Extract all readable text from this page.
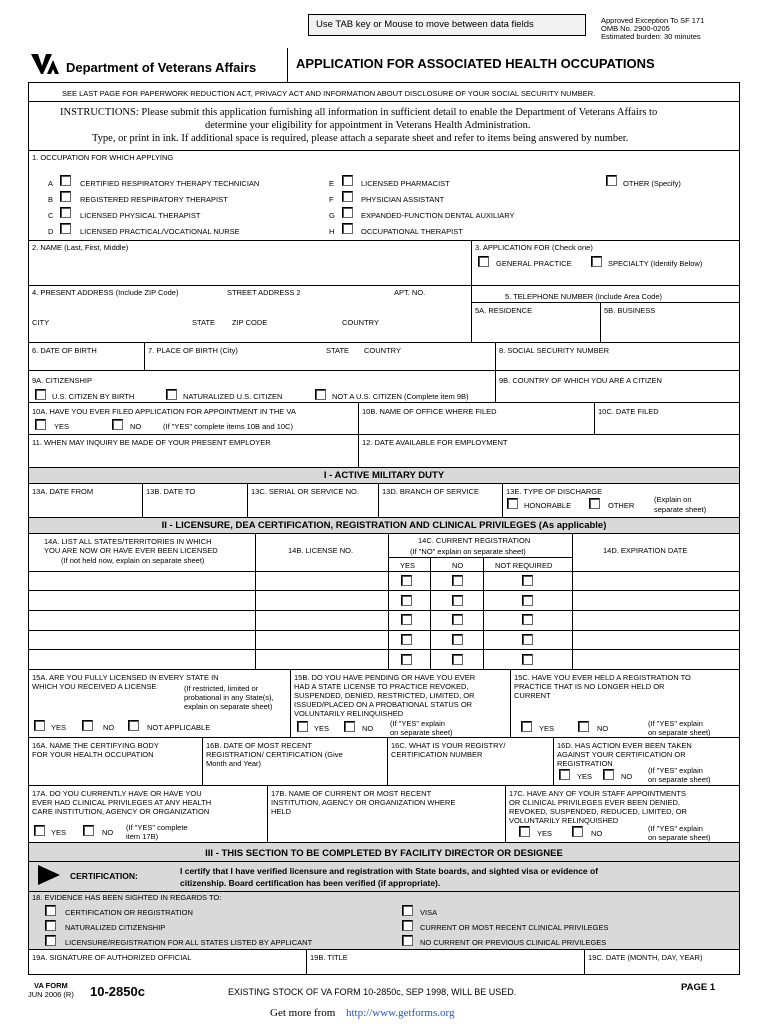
Use TAB key or Mouse to move between data fields	Approved Exception To SF 171
OMB No. 2900-0205
Estimated burden: 30 minutes
Department of Veterans Affairs	APPLICATION FOR ASSOCIATED HEALTH OCCUPATIONS
SEE LAST PAGE FOR PAPERWORK REDUCTION ACT, PRIVACY ACT AND INFORMATION ABOUT DISCLOSURE OF YOUR SOCIAL SECURITY NUMBER.
INSTRUCTIONS: Please submit this application furnishing all information in sufficient detail to enable the Department of Veterans Affairs to
determine your eligibility for appointment in Veterans Health Administration.
Type, or print in ink. If additional space is required, please attach a separate sheet and refer to items being answered by number.
1. OCCUPATION FOR WHICH APPLYING
A	CERTIFIED RESPIRATORY THERAPY TECHNICIAN
B	REGISTERED RESPIRATORY THERAPIST
C	LICENSED PHYSICAL THERAPIST
D	LICENSED PRACTICAL/VOCATIONAL NURSE
E	LICENSED PHARMACIST
F	PHYSICIAN ASSISTANT
G	EXPANDED-FUNCTION DENTAL AUXILIARY
H	OCCUPATIONAL THERAPIST
OTHER (Specify)
2. NAME (Last, First, Middle)	3. APPLICATION FOR (Check one)
GENERAL PRACTICE	SPECIALTY (Identify Below)
4. PRESENT ADDRESS (Include ZIP Code)	STREET ADDRESS 2	APT. NO.
CITY	STATE ZIP CODE	COUNTRY
5. TELEPHONE NUMBER (Include Area Code)
5A. RESIDENCE	5B. BUSINESS
6. DATE OF BIRTH	7. PLACE OF BIRTH (City)	STATE COUNTRY	8. SOCIAL SECURITY NUMBER
9A. CITIZENSHIP	9B. COUNTRY OF WHICH YOU ARE A CITIZEN
U.S. CITIZEN BY BIRTH	NATURALIZED U.S. CITIZEN	NOT A U.S. CITIZEN (Complete item 9B)
10A. HAVE YOU EVER FILED APPLICATION FOR APPOINTMENT IN THE VA
YES	NO	(If "YES" complete items 10B and 10C)
10B. NAME OF OFFICE WHERE FILED	10C. DATE FILED
11. WHEN MAY INQUIRY BE MADE OF YOUR PRESENT EMPLOYER	12. DATE AVAILABLE FOR EMPLOYMENT
I - ACTIVE MILITARY DUTY
13A. DATE FROM	13B. DATE TO	13C. SERIAL OR SERVICE NO.	13D. BRANCH OF SERVICE	13E. TYPE OF DISCHARGE
HONORABLE	OTHER
(Explain on
separate sheet)
II - LICENSURE, DEA CERTIFICATION, REGISTRATION AND CLINICAL PRIVILEGES (As applicable)
14A. LIST ALL STATES/TERRITORIES IN WHICH
YOU ARE NOW OR HAVE EVER BEEN LICENSED
(If not held now, explain on separate sheet)
14B. LICENSE NO.
14C. CURRENT REGISTRATION
(If "NO" explain on separate sheet)	14D. EXPIRATION DATE
YES	NO	NOT REQUIRED
15A. ARE YOU FULLY LICENSED IN EVERY STATE IN
WHICH YOU RECEIVED A LICENSE	(If restricted, limited or
probational in any State(s),
explain on separate sheet)
YES	NO	NOT APPLICABLE
15B. DO YOU HAVE PENDING OR HAVE YOU EVER
HAD A STATE LICENSE TO PRACTICE REVOKED,
SUSPENDED, DENIED, RESTRICTED, LIMITED, OR
ISSUED/PLACED ON A PROBATIONAL STATUS OR
VOLUNTARILY RELINQUISHED
YES	NO
(If "YES" explain
on separate sheet)
15C. HAVE YOU EVER HELD A REGISTRATION TO
PRACTICE THAT IS NO LONGER HELD OR
CURRENT
YES	NO
(If "YES" explain
on separate sheet)
16A. NAME THE CERTIFYING BODY
FOR YOUR HEALTH OCCUPATION
16B. DATE OF MOST RECENT
REGISTRATION/ CERTIFICATION (Give
Month and Year)
16C. WHAT IS YOUR REGISTRY/
CERTIFICATION NUMBER
16D. HAS ACTION EVER BEEN TAKEN
AGAINST YOUR CERTIFICATION OR
REGISTRATION
YES	NO
(If "YES" explain
on separate sheet)
17A. DO YOU CURRENTLY HAVE OR HAVE YOU
EVER HAD CLINICAL PRIVILEGES AT ANY HEALTH
CARE INSTITUTION, AGENCY OR ORGANIZATION
YES	NO
(If "YES" complete
item 17B)
17B. NAME OF CURRENT OR MOST RECENT
INSTITUTION, AGENCY OR ORGANIZATION WHERE
HELD
17C. HAVE ANY OF YOUR STAFF APPOINTMENTS
OR CLINICAL PRIVILEGES EVER BEEN DENIED,
REVOKED, SUSPENDED, REDUCED, LIMITED, OR
VOLUNTARILY RELINQUISHED
YES	NO
(If "YES" explain
on separate sheet)
III - THIS SECTION TO BE COMPLETED BY FACILITY DIRECTOR OR DESIGNEE
CERTIFICATION:	I certify that I have verified licensure and registration with State boards, and sighted visa or evidence of
citizenship. Board certification has been verified (if appropriate).
18. EVIDENCE HAS BEEN SIGHTED IN REGARDS TO:
CERTIFICATION OR REGISTRATION
NATURALIZED CITIZENSHIP
LICENSURE/REGISTRATION FOR ALL STATES LISTED BY APPLICANT
VISA
CURRENT OR MOST RECENT CLINICAL PRIVILEGES
NO CURRENT OR PREVIOUS CLINICAL PRIVILEGES
19A. SIGNATURE OF AUTHORIZED OFFICIAL	19B. TITLE	19C. DATE (MONTH, DAY, YEAR)
VA FORM
JUN 2006 (R) 10-2850c	EXISTING STOCK OF VA FORM 10-2850c, SEP 1998, WILL BE USED.	PAGE 1
Get more from http://www.getforms.org
